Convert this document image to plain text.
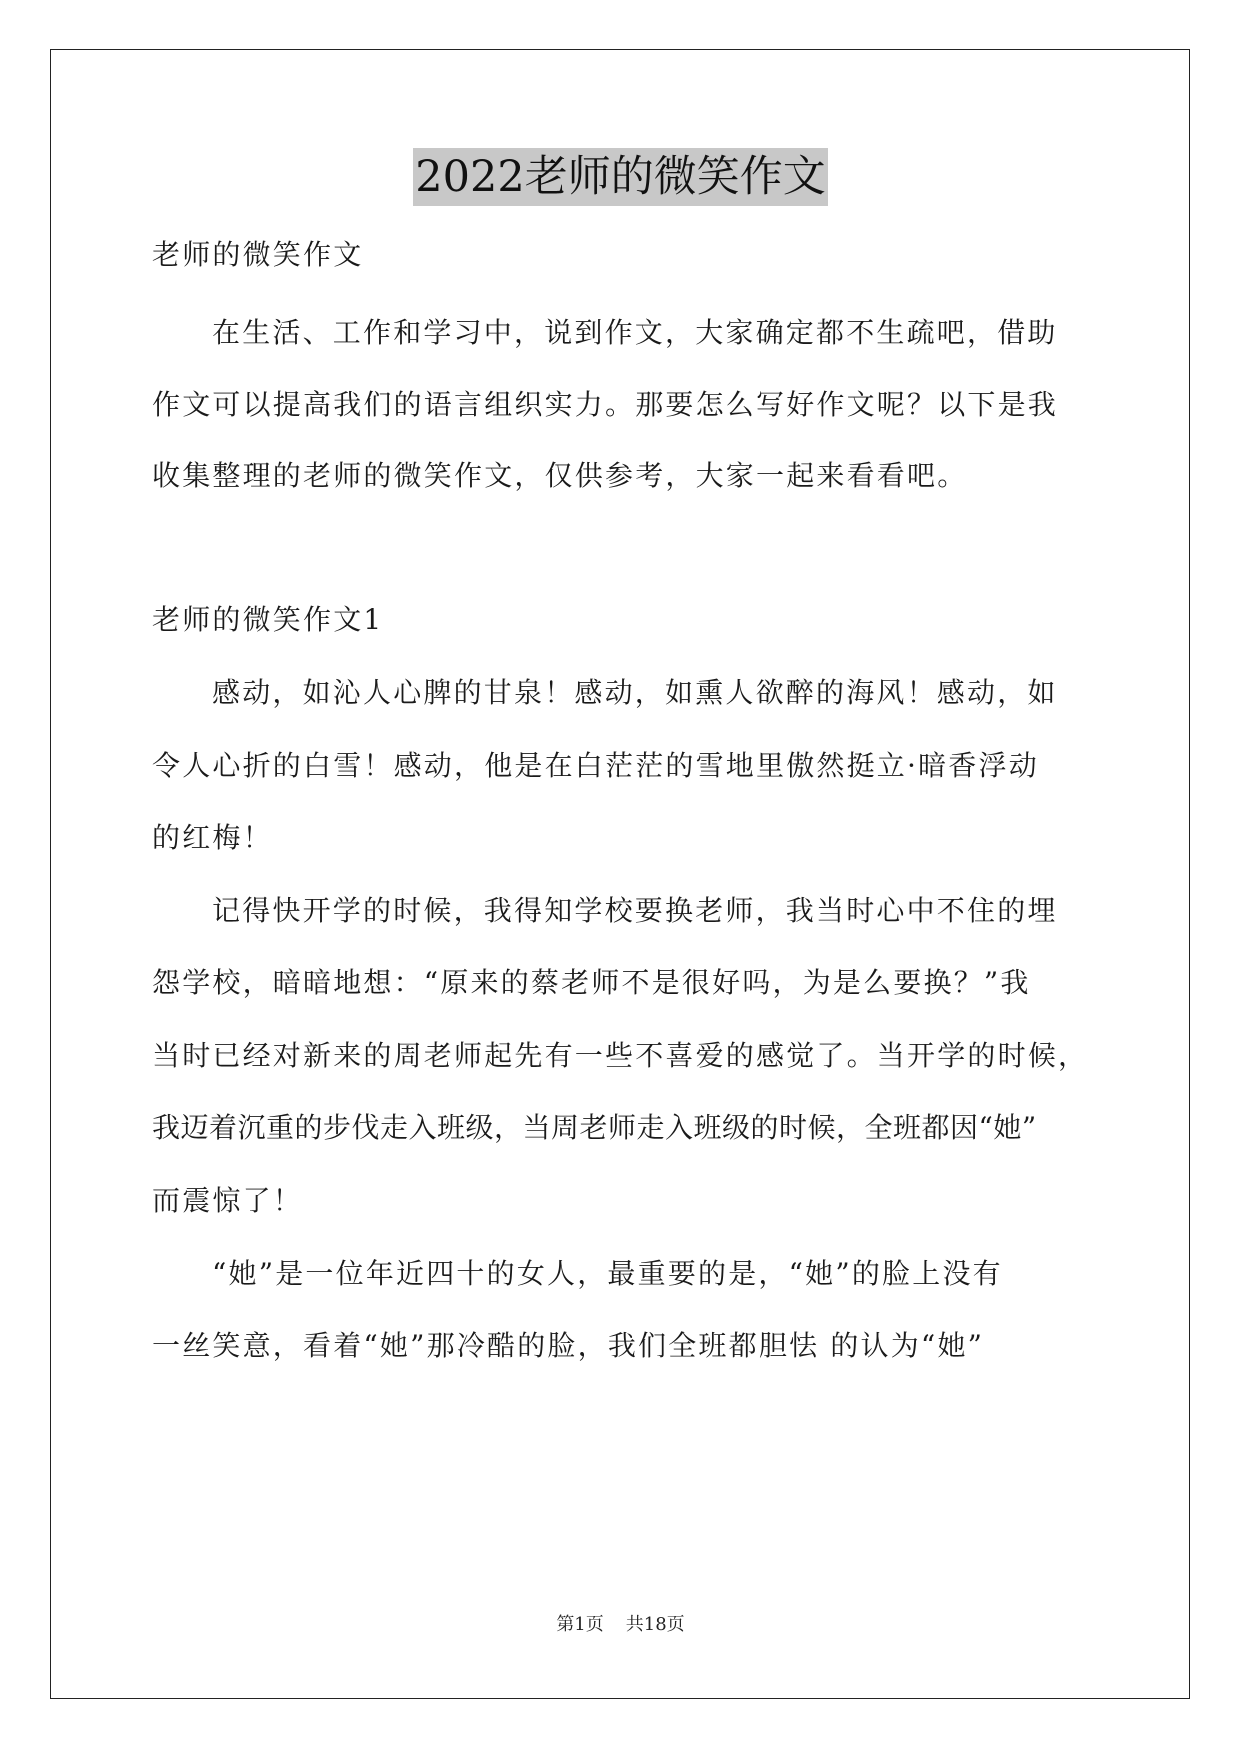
2022老师的微笑作文
老师的微笑作文
在生活、工作和学习中，说到作文，大家确定都不生疏吧，借助
作文可以提高我们的语言组织实力。那要怎么写好作文呢？以下是我
收集整理的老师的微笑作文，仅供参考，大家一起来看看吧。
老师的微笑作文1
感动，如沁人心脾的甘泉！感动，如熏人欲醉的海风！感动，如
令人心折的白雪！感动，他是在白茫茫的雪地里傲然挺立·暗香浮动
的红梅！
记得快开学的时候，我得知学校要换老师，我当时心中不住的埋
怨学校，暗暗地想：“原来的蔡老师不是很好吗，为是么要换？”我
当时已经对新来的周老师起先有一些不喜爱的感觉了。当开学的时候，
我迈着沉重的步伐走入班级，当周老师走入班级的时候，全班都因“她”
而震惊了！
“她”是一位年近四十的女人，最重要的是，“她”的脸上没有
一丝笑意，看着“她”那冷酷的脸，我们全班都胆怯 的认为“她”
第1页 共18页
